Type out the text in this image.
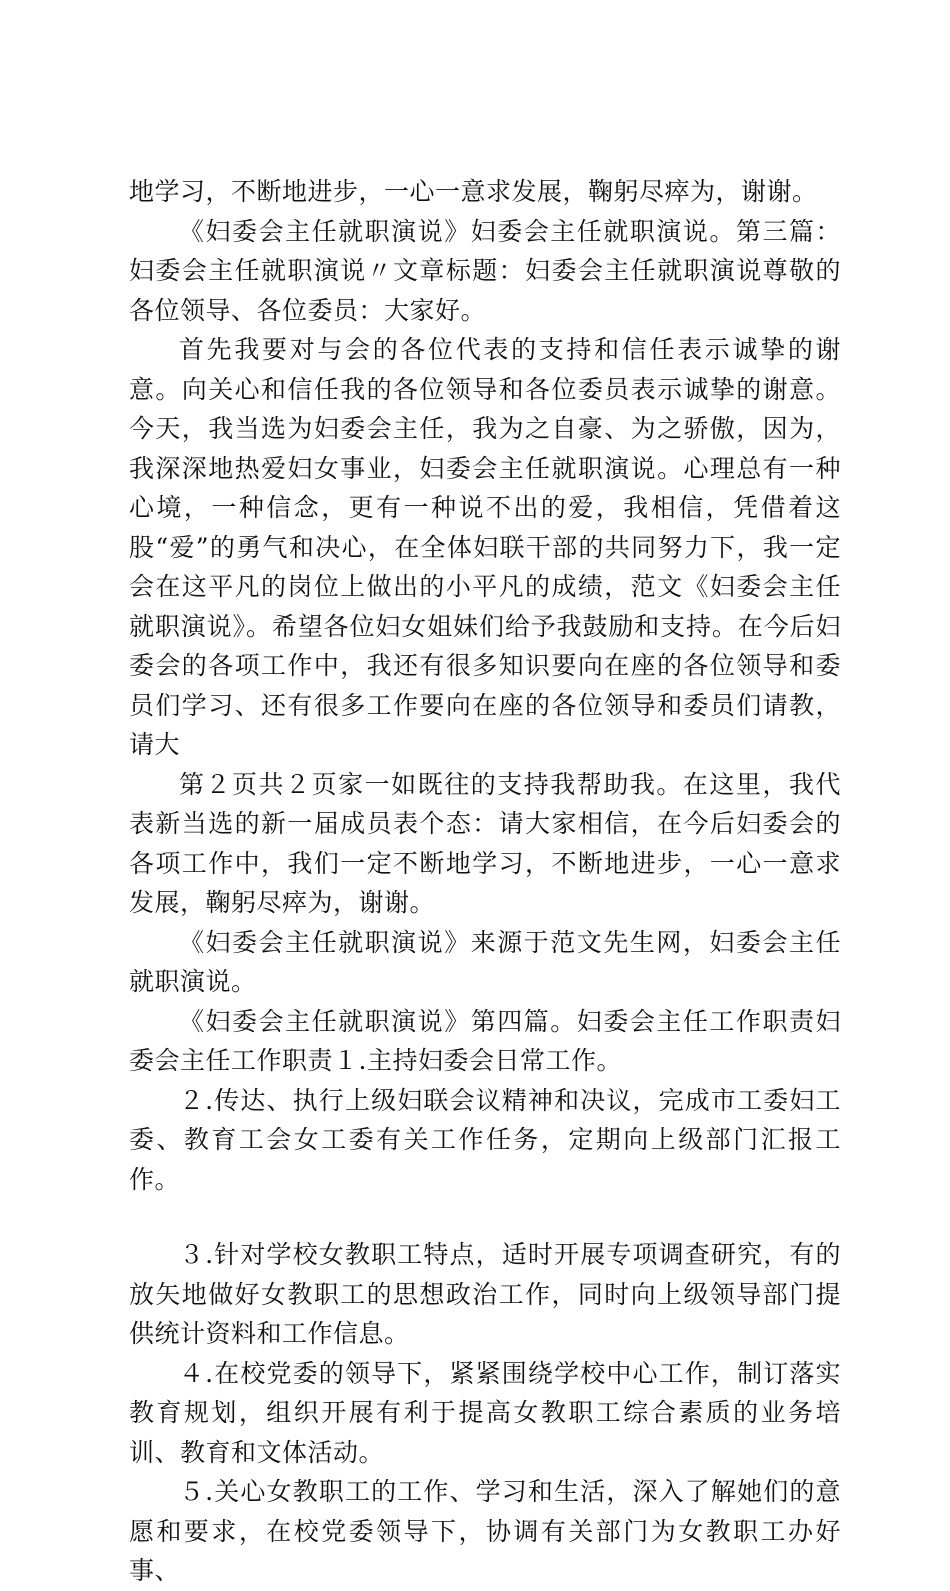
地学习，不断地进步，一心一意求发展，鞠躬尽瘁为，谢谢。

《妇委会主任就职演说》妇委会主任就职演说。第三篇：妇委会主任就职演说〃文章标题：妇委会主任就职演说尊敬的各位领导、各位委员：大家好。

首先我要对与会的各位代表的支持和信任表示诚挚的谢意。向关心和信任我的各位领导和各位委员表示诚挚的谢意。今天，我当选为妇委会主任，我为之自豪、为之骄傲，因为，我深深地热爱妇女事业，妇委会主任就职演说。心理总有一种心境，一种信念，更有一种说不出的爱，我相信，凭借着这股“爱”的勇气和决心，在全体妇联干部的共同努力下，我一定会在这平凡的岗位上做出的小平凡的成绩，范文《妇委会主任就职演说》。希望各位妇女姐妹们给予我鼓励和支持。在今后妇委会的各项工作中，我还有很多知识要向在座的各位领导和委员们学习、还有很多工作要向在座的各位领导和委员们请教，请大

第２页共２页家一如既往的支持我帮助我。在这里，我代表新当选的新一届成员表个态：请大家相信，在今后妇委会的各项工作中，我们一定不断地学习，不断地进步，一心一意求发展，鞠躬尽瘁为，谢谢。

《妇委会主任就职演说》来源于范文先生网，妇委会主任就职演说。

《妇委会主任就职演说》第四篇。妇委会主任工作职责妇委会主任工作职责１.主持妇委会日常工作。

２.传达、执行上级妇联会议精神和决议，完成市工委妇工委、教育工会女工委有关工作任务，定期向上级部门汇报工作。

３.针对学校女教职工特点，适时开展专项调查研究，有的放矢地做好女教职工的思想政治工作，同时向上级领导部门提供统计资料和工作信息。

４.在校党委的领导下，紧紧围绕学校中心工作，制订落实教育规划，组织开展有利于提高女教职工综合素质的业务培训、教育和文体活动。

５.关心女教职工的工作、学习和生活，深入了解她们的意愿和要求，在校党委领导下，协调有关部门为女教职工办好事、
